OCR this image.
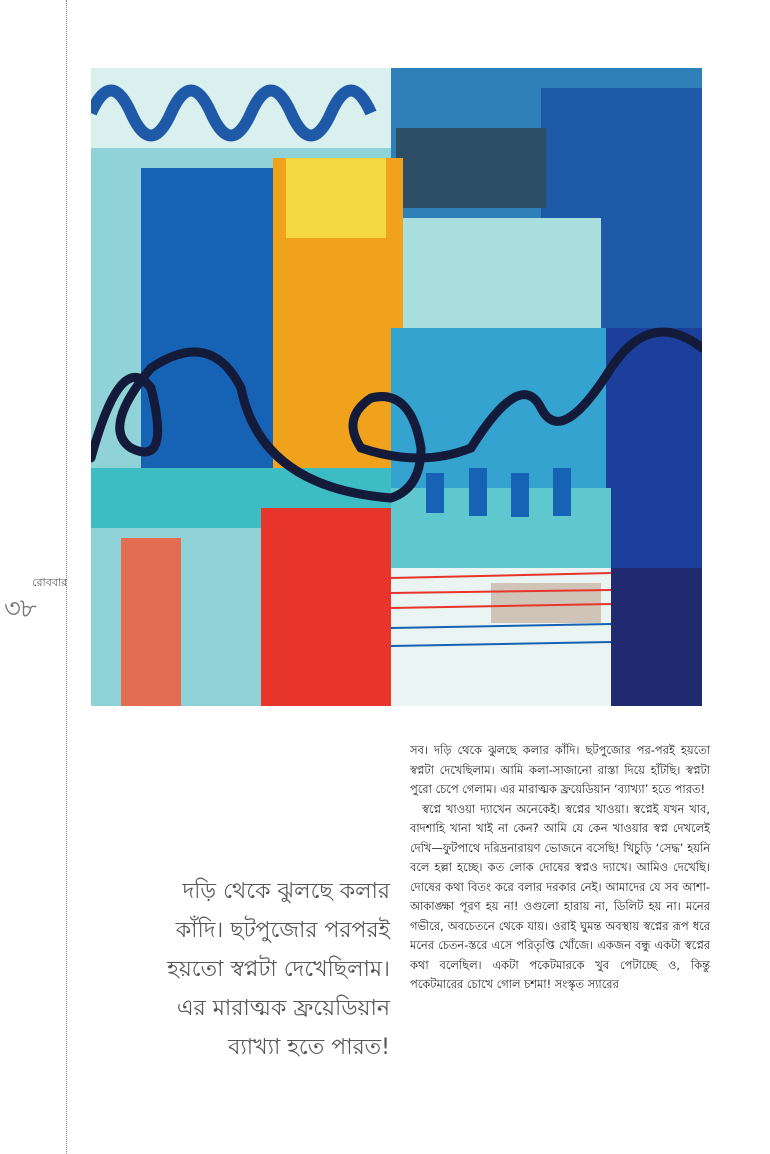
রোববার
৩৮
দড়ি থেকে ঝুলছে কলার
কাঁদি। ছটপুজোর পরপরই
হয়তো স্বপ্নটা দেখেছিলাম।
এর মারাত্মক ফ্রয়েডিয়ান
ব্যাখ্যা হতে পারত!

সব। দড়ি থেকে ঝুলছে কলার কাঁদি। ছটপুজোর পর-পরই হয়তো স্বপ্নটা দেখেছিলাম। আমি কলা-সাজানো রাস্তা দিয়ে হাঁটছি। স্বপ্নটা পুরো চেপে গেলাম। এর মারাত্মক ফ্রয়েডিয়ান ‘ব্যাখ্যা’ হতে পারত!

স্বপ্নে খাওয়া দ্যাখেন অনেকেই। স্বপ্নের খাওয়া। স্বপ্নেই যখন খাব, বাদশাহি খানা খাই না কেন? আমি যে কেন খাওয়ার স্বপ্ন দেখলেই দেখি—ফুটপাথে দরিদ্রনারায়ণ ভোজনে বসেছি! খিচুড়ি ‘সেদ্ধ’ হয়নি বলে হল্লা হচ্ছে। কত লোক দোষের স্বপ্নও দ্যাখে। আমিও দেখেছি। দোষের কথা বিতং করে বলার দরকার নেই। আমাদের যে সব আশা-আকাঙ্ক্ষা পূরণ হয় না! ওগুলো হারায় না, ডিলিট হয় না। মনের গভীরে, অবচেতনে থেকে যায়। ওরাই ঘুমন্ত অবস্থায় স্বপ্নের রূপ ধরে মনের চেতন-স্তরে এসে পরিতৃপ্তি খোঁজে। একজন বন্ধু একটা স্বপ্নের কথা বলেছিল। একটা পকেটমারকে খুব পেটাচ্ছে ও, কিন্তু পকেটমারের চোখে গোল চশমা! সংস্কৃত স্যারের
